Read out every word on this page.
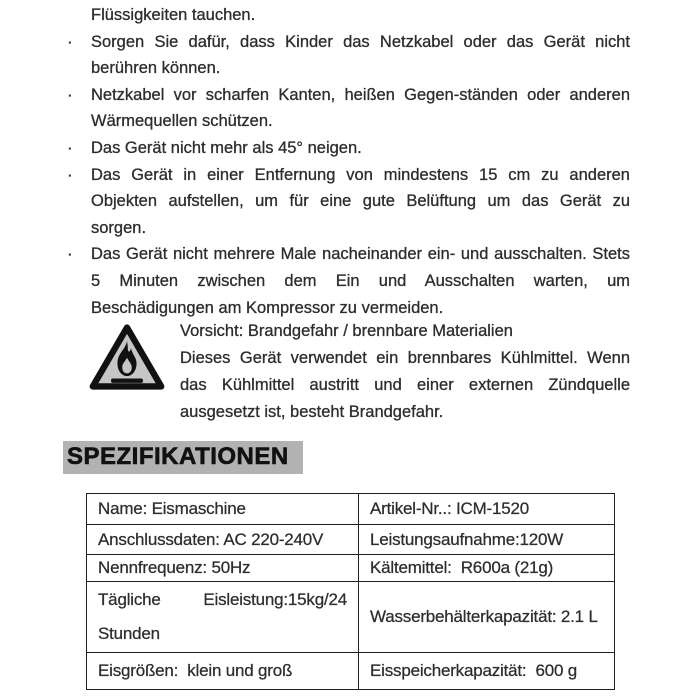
Flüssigkeiten tauchen.
·	Sorgen Sie dafür, dass Kinder das Netzkabel oder das Gerät nicht
berühren können.
·	Netzkabel vor scharfen Kanten, heißen Gegen-ständen oder anderen
Wärmequellen schützen.
·	Das Gerät nicht mehr als 45° neigen.
·	Das Gerät in einer Entfernung von mindestens 15 cm zu anderen
Objekten aufstellen, um für eine gute Belüftung um das Gerät zu
sorgen.
·	Das Gerät nicht mehrere Male nacheinander ein- und ausschalten. Stets
5 Minuten zwischen dem Ein und Ausschalten warten, um
Beschädigungen am Kompressor zu vermeiden.
Vorsicht: Brandgefahr / brennbare Materialien
Dieses Gerät verwendet ein brennbares Kühlmittel. Wenn
das Kühlmittel austritt und einer externen Zündquelle
ausgesetzt ist, besteht Brandgefahr.
SPEZIFIKATIONEN
Name: Eismaschine	Artikel-Nr..: ICM-1520
Anschlussdaten: AC 220-240V	Leistungsaufnahme:120W
Nennfrequenz: 50Hz	Kältemittel:  R600a (21g)

Tägliche Eisleistung:15kg/24
Stunden	Wasserbehälterkapazität: 2.1 L
Eisgrößen:  klein und groß	Eisspeicherkapazität:  600 g
